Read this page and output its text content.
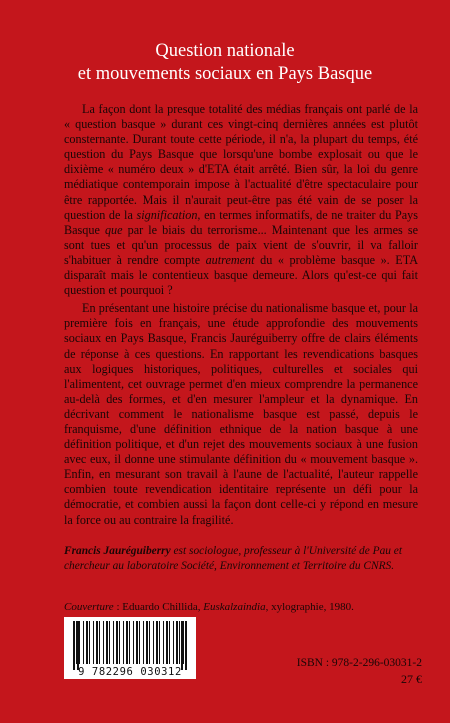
Question nationale
et mouvements sociaux en Pays Basque

La façon dont la presque totalité des médias français ont parlé de la « question basque » durant ces vingt-cinq dernières années est plutôt consternante. Durant toute cette période, il n'a, la plupart du temps, été question du Pays Basque que lorsqu'une bombe explosait ou que le dixième « numéro deux » d'ETA était arrêté. Bien sûr, la loi du genre médiatique contemporain impose à l'actualité d'être spectaculaire pour être rapportée. Mais il n'aurait peut-être pas été vain de se poser la question de la signification, en termes informatifs, de ne traiter du Pays Basque que par le biais du terrorisme... Maintenant que les armes se sont tues et qu'un processus de paix vient de s'ouvrir, il va falloir s'habituer à rendre compte autrement du « problème basque ». ETA disparaît mais le contentieux basque demeure. Alors qu'est-ce qui fait question et pourquoi ?

En présentant une histoire précise du nationalisme basque et, pour la première fois en français, une étude approfondie des mouvements sociaux en Pays Basque, Francis Jauréguiberry offre de clairs éléments de réponse à ces questions. En rapportant les revendications basques aux logiques historiques, politiques, culturelles et sociales qui l'alimentent, cet ouvrage permet d'en mieux comprendre la permanence au-delà des formes, et d'en mesurer l'ampleur et la dynamique. En décrivant comment le nationalisme basque est passé, depuis le franquisme, d'une définition ethnique de la nation basque à une définition politique, et d'un rejet des mouvements sociaux à une fusion avec eux, il donne une stimulante définition du « mouvement basque ». Enfin, en mesurant son travail à l'aune de l'actualité, l'auteur rappelle combien toute revendication identitaire représente un défi pour la démocratie, et combien aussi la façon dont celle-ci y répond en mesure la force ou au contraire la fragilité.

Francis Jauréguiberry est sociologue, professeur à l'Université de Pau et chercheur au laboratoire Société, Environnement et Territoire du CNRS.
Couverture : Eduardo Chillida, Euskalzaindia, xylographie, 1980.
9 782296 030312
ISBN : 978-2-296-03031-2
27 €
